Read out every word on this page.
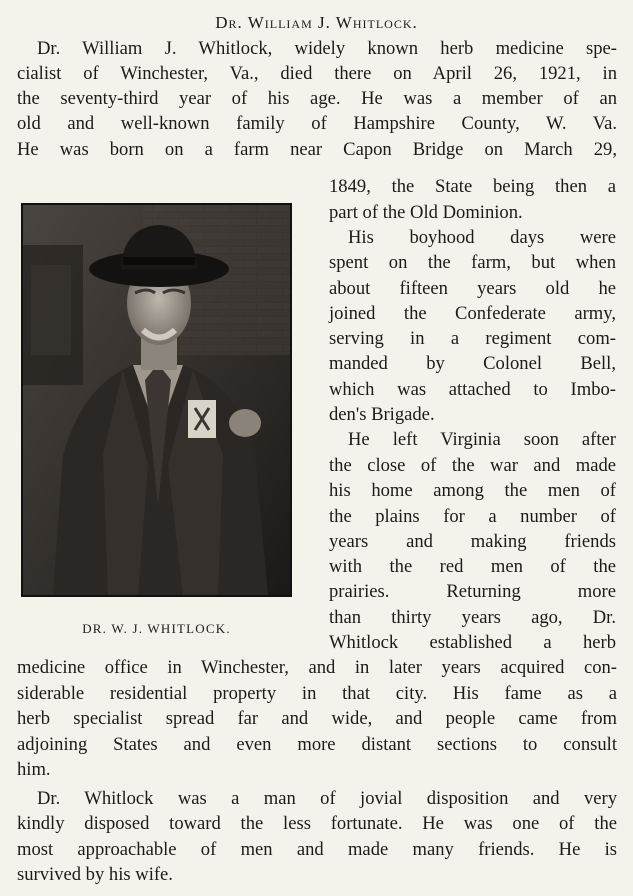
Dr. William J. Whitlock.
Dr. William J. Whitlock, widely known herb medicine spe-
cialist of Winchester, Va., died there on April 26, 1921, in
the seventy-third year of his age. He was a member of an
old and well-known family of Hampshire County, W. Va.
He was born on a farm near Capon Bridge on March 29,
1849, the State being then a
part of the Old Dominion.
His boyhood days were
spent on the farm, but when
about fifteen years old he
joined the Confederate army,
serving in a regiment com-
manded by Colonel Bell,
which was attached to Imbo-
den's Brigade.
He left Virginia soon after
the close of the war and made
his home among the men of
the plains for a number of
years and making friends
with the red men of the
prairies. Returning more
than thirty years ago, Dr.
Whitlock established a herb
medicine office in Winchester, and in later years acquired con-
siderable residential property in that city. His fame as a
herb specialist spread far and wide, and people came from
adjoining States and even more distant sections to consult
him.
Dr. Whitlock was a man of jovial disposition and very
kindly disposed toward the less fortunate. He was one of the
most approachable of men and made many friends. He is
survived by his wife.
DR. W. J. WHITLOCK.
